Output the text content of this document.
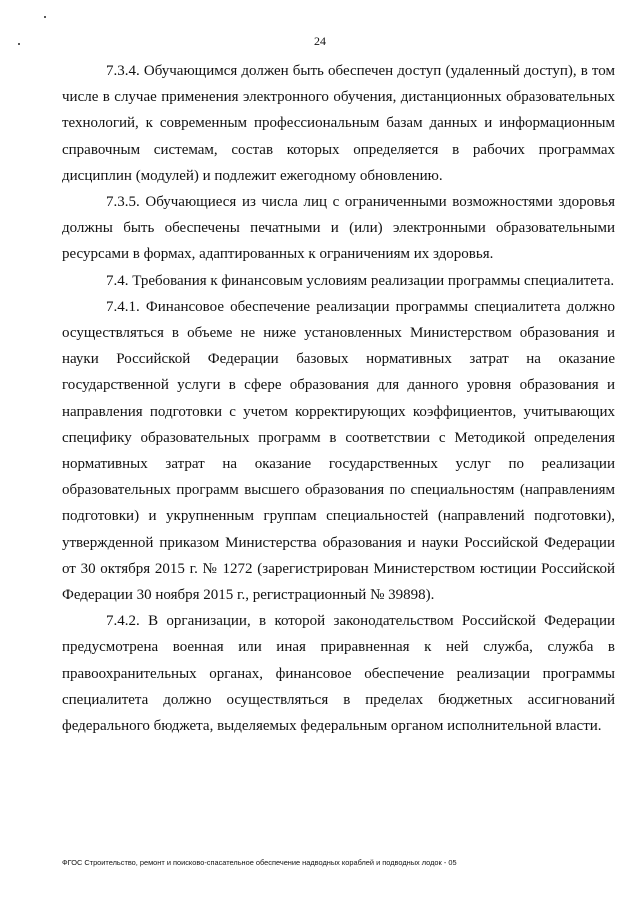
24

7.3.4. Обучающимся должен быть обеспечен доступ (удаленный доступ), в том числе в случае применения электронного обучения, дистанционных образовательных технологий, к современным профессиональным базам данных и информационным справочным системам, состав которых определяется в рабочих программах дисциплин (модулей) и подлежит ежегодному обновлению.

7.3.5. Обучающиеся из числа лиц с ограниченными возможностями здоровья должны быть обеспечены печатными и (или) электронными образовательными ресурсами в формах, адаптированных к ограничениям их здоровья.

7.4. Требования к финансовым условиям реализации программы специалитета.

7.4.1. Финансовое обеспечение реализации программы специалитета должно осуществляться в объеме не ниже установленных Министерством образования и науки Российской Федерации базовых нормативных затрат на оказание государственной услуги в сфере образования для данного уровня образования и направления подготовки с учетом корректирующих коэффициентов, учитывающих специфику образовательных программ в соответствии с Методикой определения нормативных затрат на оказание государственных услуг по реализации образовательных программ высшего образования по специальностям (направлениям подготовки) и укрупненным группам специальностей (направлений подготовки), утвержденной приказом Министерства образования и науки Российской Федерации от 30 октября 2015 г. № 1272 (зарегистрирован Министерством юстиции Российской Федерации 30 ноября 2015 г., регистрационный № 39898).

7.4.2. В организации, в которой законодательством Российской Федерации предусмотрена военная или иная приравненная к ней служба, служба в правоохранительных органах, финансовое обеспечение реализации программы специалитета должно осуществляться в пределах бюджетных ассигнований федерального бюджета, выделяемых федеральным органом исполнительной власти.

ФГОС Строительство, ремонт и поисково-спасательное обеспечение надводных кораблей и подводных лодок - 05
